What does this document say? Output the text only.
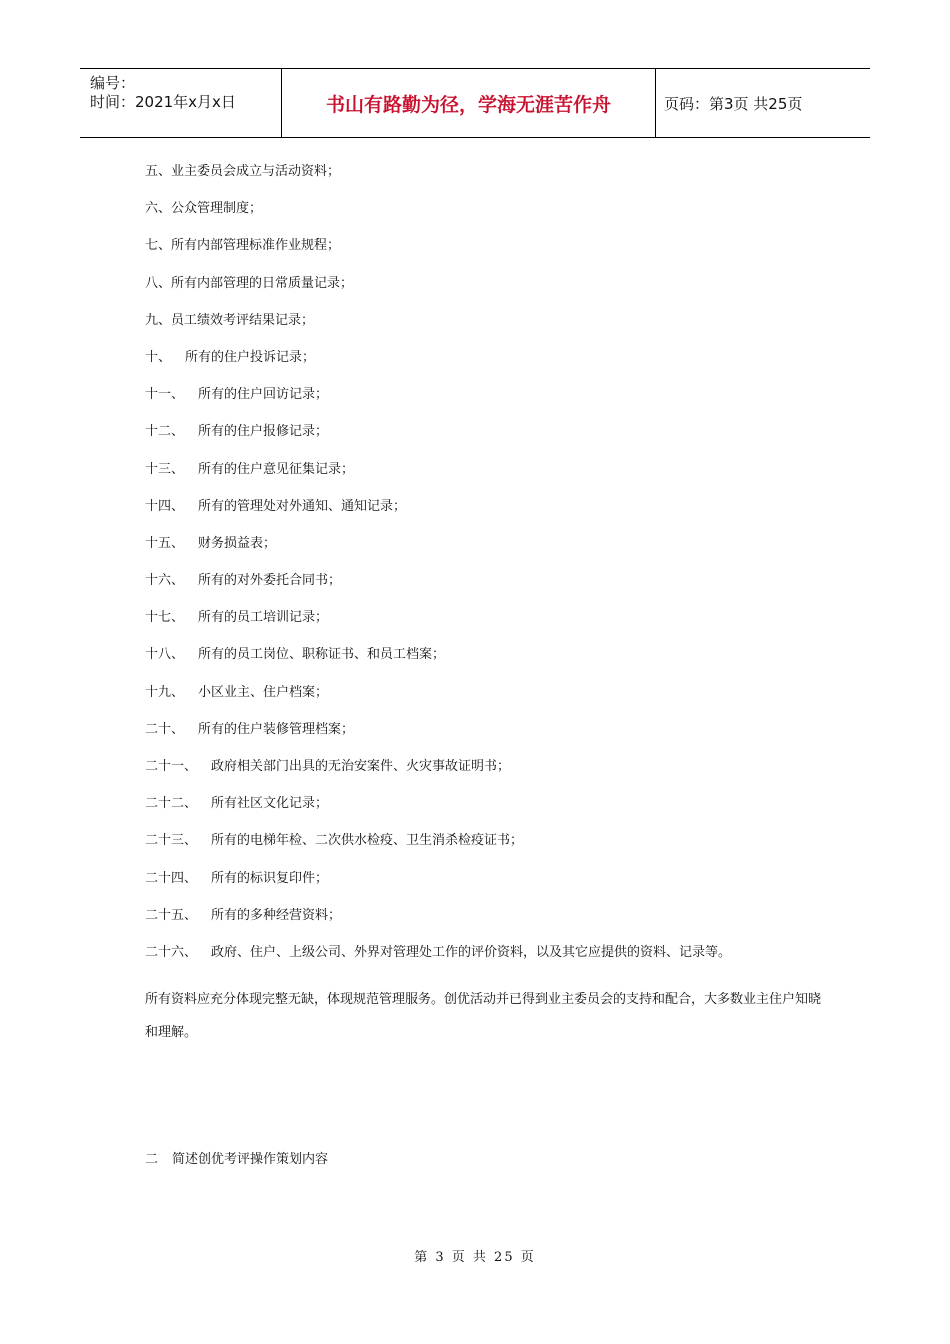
编号：
时间：2021年x月x日	书山有路勤为径，学海无涯苦作舟	页码：第3页 共25页
五、业主委员会成立与活动资料；
六、公众管理制度；
七、所有内部管理标准作业规程；
八、所有内部管理的日常质量记录；
九、员工绩效考评结果记录；
十、 所有的住户投诉记录；
十一、 所有的住户回访记录；
十二、 所有的住户报修记录；
十三、 所有的住户意见征集记录；
十四、 所有的管理处对外通知、通知记录；
十五、 财务损益表；
十六、 所有的对外委托合同书；
十七、 所有的员工培训记录；
十八、 所有的员工岗位、职称证书、和员工档案；
十九、 小区业主、住户档案；
二十、 所有的住户装修管理档案；
二十一、 政府相关部门出具的无治安案件、火灾事故证明书；
二十二、 所有社区文化记录；
二十三、 所有的电梯年检、二次供水检疫、卫生消杀检疫证书；
二十四、 所有的标识复印件；
二十五、 所有的多种经营资料；
二十六、 政府、住户、上级公司、外界对管理处工作的评价资料，以及其它应提供的资料、记录等。
所有资料应充分体现完整无缺，体现规范管理服务。创优活动并已得到业主委员会的支持和配合，大多数业主住户知晓和理解。
二 简述创优考评操作策划内容
第 3 页 共 25 页
